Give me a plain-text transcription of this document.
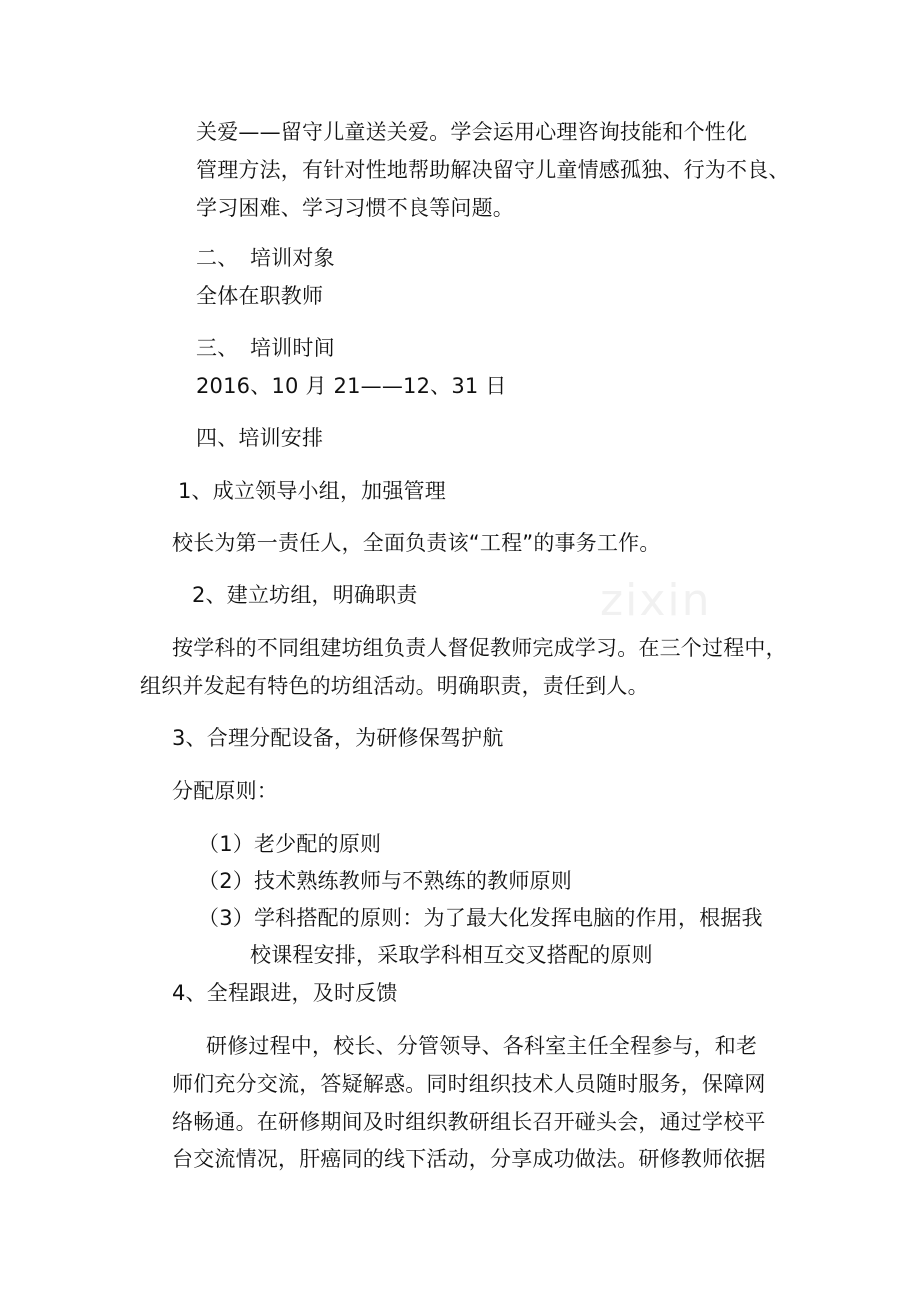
zixin
关爱——留守儿童送关爱。学会运用心理咨询技能和个性化
管理方法，有针对性地帮助解决留守儿童情感孤独、行为不良、
学习困难、学习习惯不良等问题。
二、 培训对象
全体在职教师
三、 培训时间
2016、10 月 21——12、31 日
四、培训安排
1、成立领导小组，加强管理
校长为第一责任人，全面负责该“工程”的事务工作。
2、建立坊组，明确职责
按学科的不同组建坊组负责人督促教师完成学习。在三个过程中，
组织并发起有特色的坊组活动。明确职责，责任到人。
3、合理分配设备，为研修保驾护航
分配原则：
（1）老少配的原则
（2）技术熟练教师与不熟练的教师原则
（3）学科搭配的原则：为了最大化发挥电脑的作用，根据我
校课程安排，采取学科相互交叉搭配的原则
4、全程跟进，及时反馈
研修过程中，校长、分管领导、各科室主任全程参与，和老
师们充分交流，答疑解惑。同时组织技术人员随时服务，保障网
络畅通。在研修期间及时组织教研组长召开碰头会，通过学校平
台交流情况，肝癌同的线下活动，分享成功做法。研修教师依据
